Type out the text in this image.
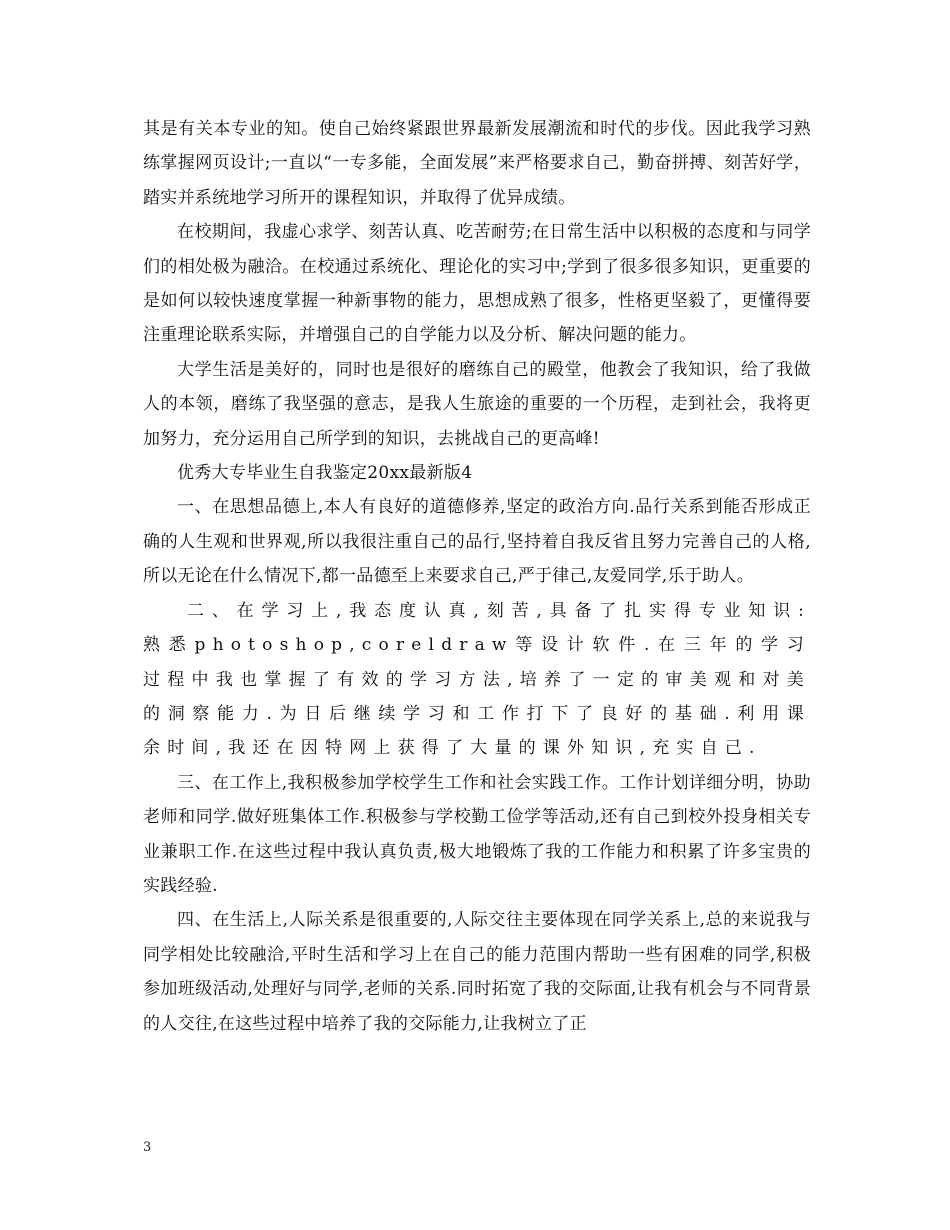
其是有关本专业的知。使自己始终紧跟世界最新发展潮流和时代的步伐。因此我学习熟练掌握网页设计;一直以“一专多能，全面发展”来严格要求自己，勤奋拼搏、刻苦好学，踏实并系统地学习所开的课程知识，并取得了优异成绩。

在校期间，我虚心求学、刻苦认真、吃苦耐劳;在日常生活中以积极的态度和与同学们的相处极为融洽。在校通过系统化、理论化的实习中;学到了很多很多知识，更重要的是如何以较快速度掌握一种新事物的能力，思想成熟了很多，性格更坚毅了，更懂得要注重理论联系实际，并增强自己的自学能力以及分析、解决问题的能力。

大学生活是美好的，同时也是很好的磨练自己的殿堂，他教会了我知识，给了我做人的本领，磨练了我坚强的意志，是我人生旅途的重要的一个历程，走到社会，我将更加努力，充分运用自己所学到的知识，去挑战自己的更高峰!

优秀大专毕业生自我鉴定20xx最新版4

一、在思想品德上,本人有良好的道德修养,坚定的政治方向.品行关系到能否形成正确的人生观和世界观,所以我很注重自己的品行,坚持着自我反省且努力完善自己的人格,所以无论在什么情况下,都一品德至上来要求自己,严于律己,友爱同学,乐于助人。

二、在学习上,我态度认真,刻苦,具备了扎实得专业知识:熟悉photoshop,coreldraw等设计软件.在三年的学习过程中我也掌握了有效的学习方法,培养了一定的审美观和对美的洞察能力.为日后继续学习和工作打下了良好的基础.利用课余时间,我还在因特网上获得了大量的课外知识,充实自己.

三、在工作上,我积极参加学校学生工作和社会实践工作。工作计划详细分明，协助老师和同学.做好班集体工作.积极参与学校勤工俭学等活动,还有自己到校外投身相关专业兼职工作.在这些过程中我认真负责,极大地锻炼了我的工作能力和积累了许多宝贵的实践经验.

四、在生活上,人际关系是很重要的,人际交往主要体现在同学关系上,总的来说我与同学相处比较融洽,平时生活和学习上在自己的能力范围内帮助一些有困难的同学,积极参加班级活动,处理好与同学,老师的关系.同时拓宽了我的交际面,让我有机会与不同背景的人交往,在这些过程中培养了我的交际能力,让我树立了正

3
